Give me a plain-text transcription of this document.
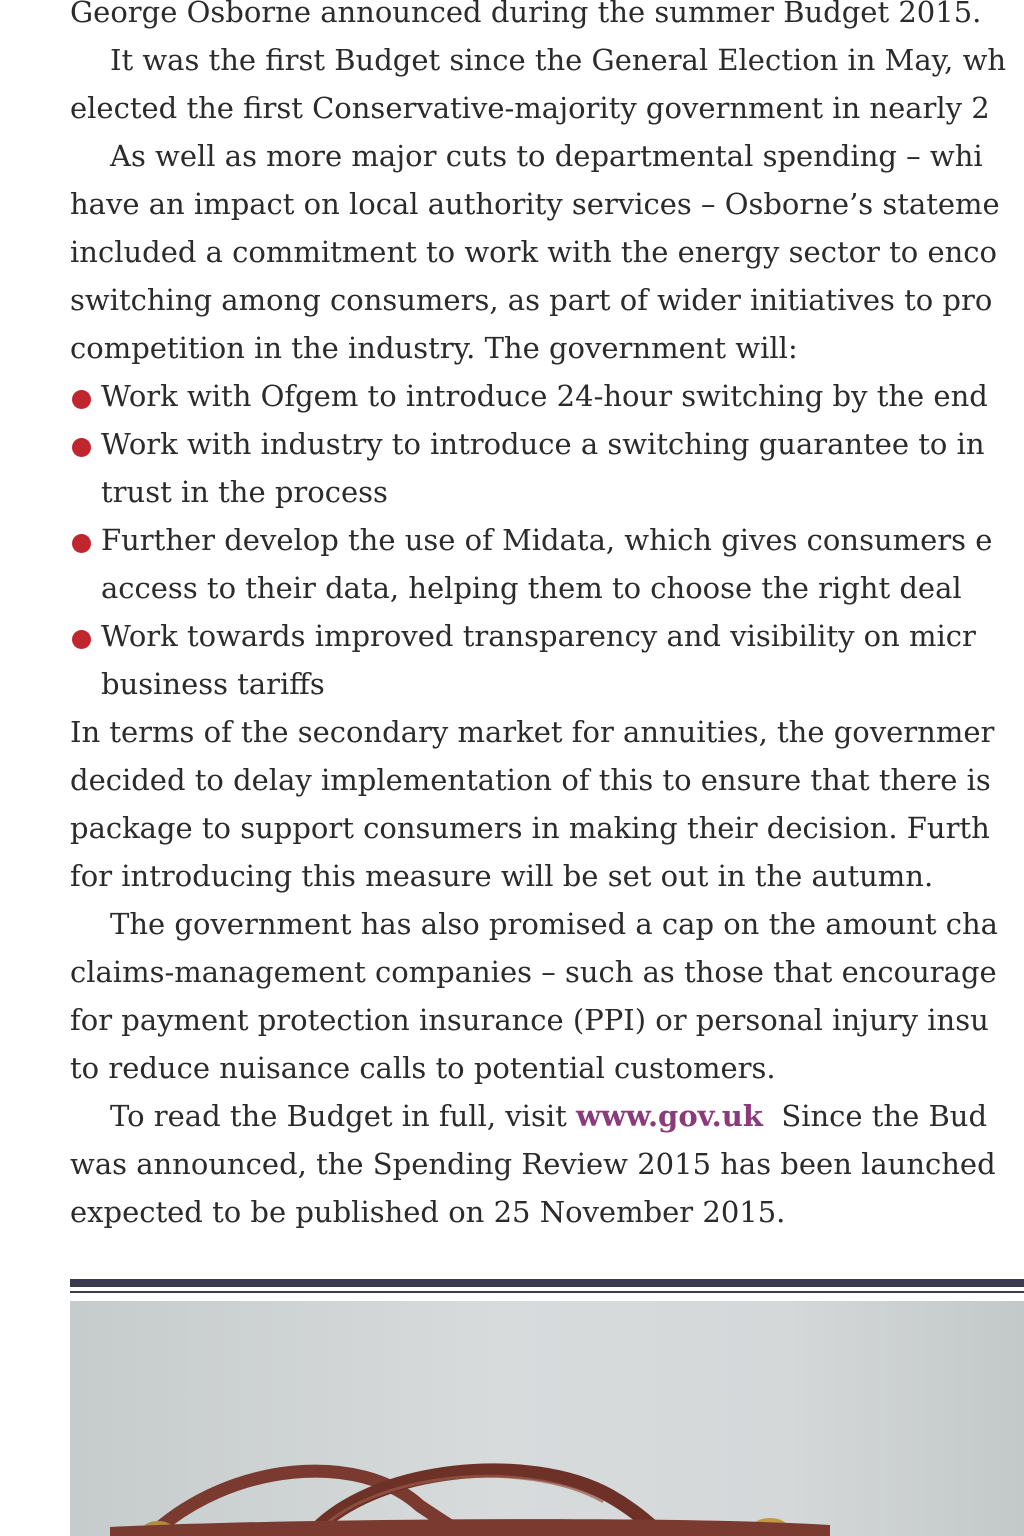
George Osborne announced during the summer Budget 2015.
It was the first Budget since the General Election in May, wh
elected the first Conservative-majority government in nearly 2
As well as more major cuts to departmental spending – whi
have an impact on local authority services – Osborne’s stateme
included a commitment to work with the energy sector to enco
switching among consumers, as part of wider initiatives to pro
competition in the industry. The government will:
Work with Ofgem to introduce 24-hour switching by the end
Work with industry to introduce a switching guarantee to in
trust in the process
Further develop the use of Midata, which gives consumers e
access to their data, helping them to choose the right deal
Work towards improved transparency and visibility on micr
business tariffs
In terms of the secondary market for annuities, the governmer
decided to delay implementation of this to ensure that there is
package to support consumers in making their decision. Furth
for introducing this measure will be set out in the autumn.
The government has also promised a cap on the amount cha
claims-management companies – such as those that encourage
for payment protection insurance (PPI) or personal injury insu
to reduce nuisance calls to potential customers.
To read the Budget in full, visit www.gov.uk  Since the Bud
was announced, the Spending Review 2015 has been launched
expected to be published on 25 November 2015.
